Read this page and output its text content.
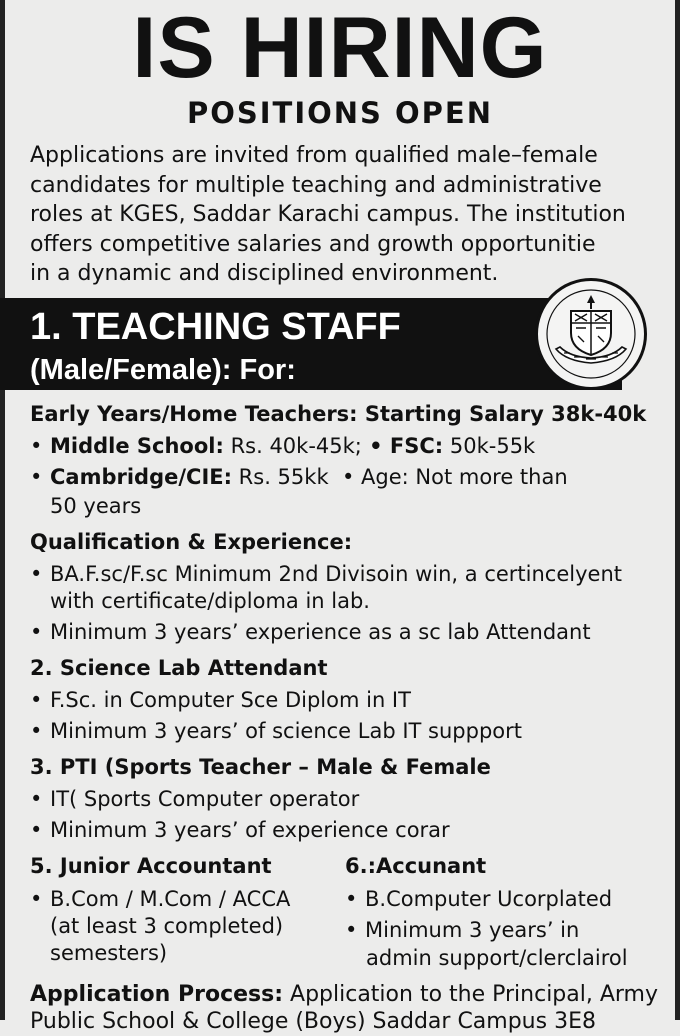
IS HIRING
POSITIONS OPEN

Applications are invited from qualified male–female
candidates for multiple teaching and administrative
roles at KGES, Saddar Karachi campus. The institution
offers competitive salaries and growth opportunitie
in a dynamic and disciplined environment.

1. TEACHING STAFF
(Male/Female): For:
Early Years/Home Teachers: Starting Salary 38k-40k
• Middle School: Rs. 40k-45k; • FSC: 50k-55k
• Cambridge/CIE: Rs. 55kk • Age: Not more than
50 years
Qualification & Experience:
• BA.F.sc/F.sc Minimum 2nd Divisoin win, a certincelyent
with certificate/diploma in lab.
• Minimum 3 years’ experience as a sc lab Attendant
2. Science Lab Attendant
• F.Sc. in Computer Sce Diplom in IT
• Minimum 3 years’ of science Lab IT suppport
3. PTI (Sports Teacher – Male & Female
• IT( Sports Computer operator
• Minimum 3 years’ of experience corar
5. Junior Accountant
• B.Com / M.Com / ACCA
(at least 3 completed)
semesters)
6.:Accunant
• B.Computer Ucorplated
• Minimum 3 years’ in
admin support/clerclairol
Application Process: Application to the Principal, Army
Public School & College (Boys) Saddar Campus 3E8
